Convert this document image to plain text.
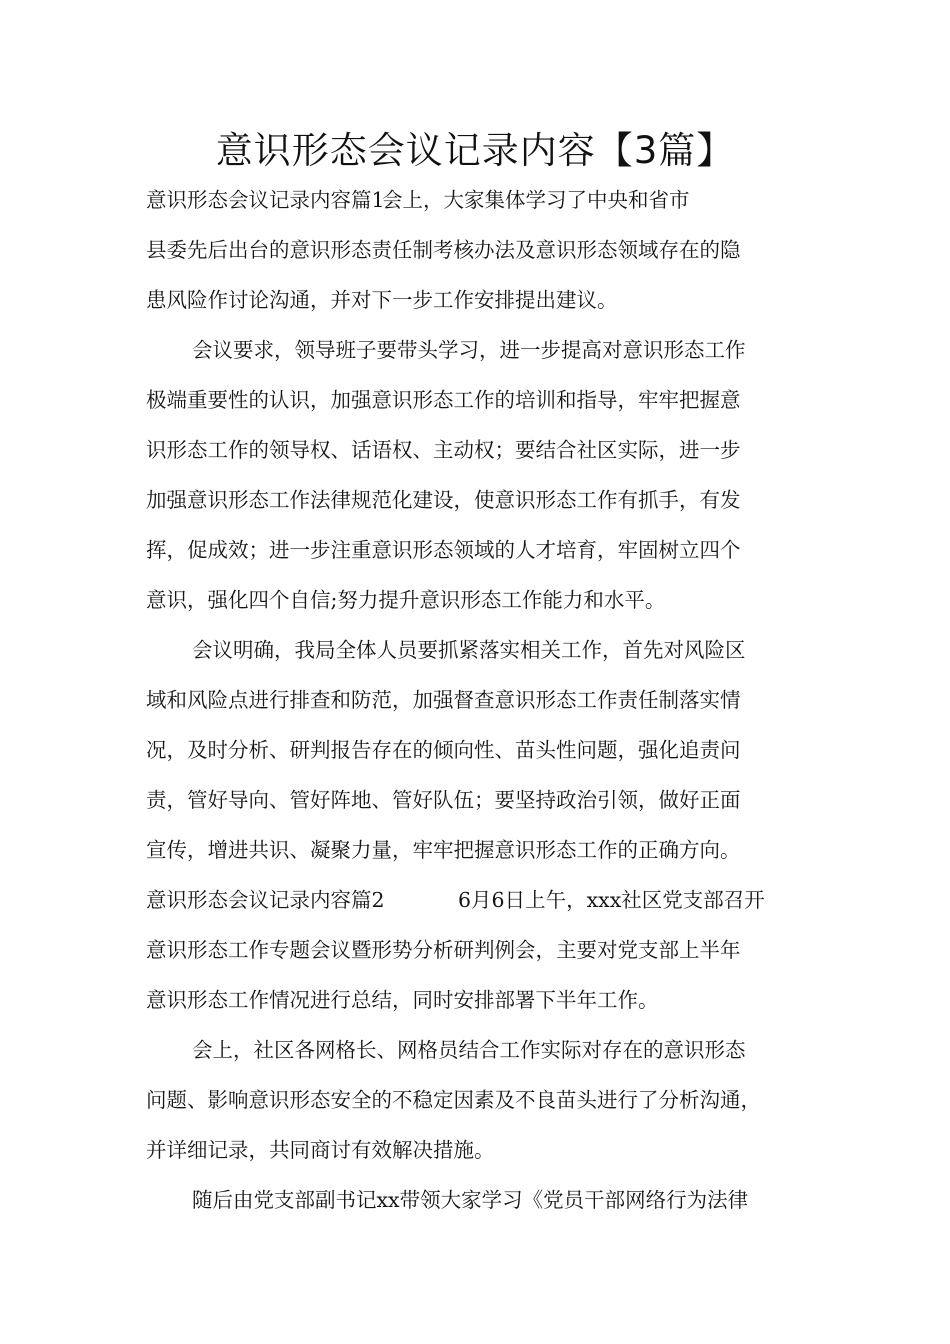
意识形态会议记录内容【3篇】
意识形态会议记录内容篇1会上，大家集体学习了中央和省市
县委先后出台的意识形态责任制考核办法及意识形态领域存在的隐
患风险作讨论沟通，并对下一步工作安排提出建议。
会议要求，领导班子要带头学习，进一步提高对意识形态工作
极端重要性的认识，加强意识形态工作的培训和指导，牢牢把握意
识形态工作的领导权、话语权、主动权；要结合社区实际，进一步
加强意识形态工作法律规范化建设，使意识形态工作有抓手，有发
挥，促成效；进一步注重意识形态领域的人才培育，牢固树立四个
意识，强化四个自信;努力提升意识形态工作能力和水平。
会议明确，我局全体人员要抓紧落实相关工作，首先对风险区
域和风险点进行排查和防范，加强督查意识形态工作责任制落实情
况，及时分析、研判报告存在的倾向性、苗头性问题，强化追责问
责，管好导向、管好阵地、管好队伍；要坚持政治引领，做好正面
宣传，增进共识、凝聚力量，牢牢把握意识形态工作的正确方向。
意识形态会议记录内容篇2	6月6日上午，xxx社区党支部召开
意识形态工作专题会议暨形势分析研判例会，主要对党支部上半年
意识形态工作情况进行总结，同时安排部署下半年工作。
会上，社区各网格长、网格员结合工作实际对存在的意识形态
问题、影响意识形态安全的不稳定因素及不良苗头进行了分析沟通，
并详细记录，共同商讨有效解决措施。
随后由党支部副书记xx带领大家学习《党员干部网络行为法律
